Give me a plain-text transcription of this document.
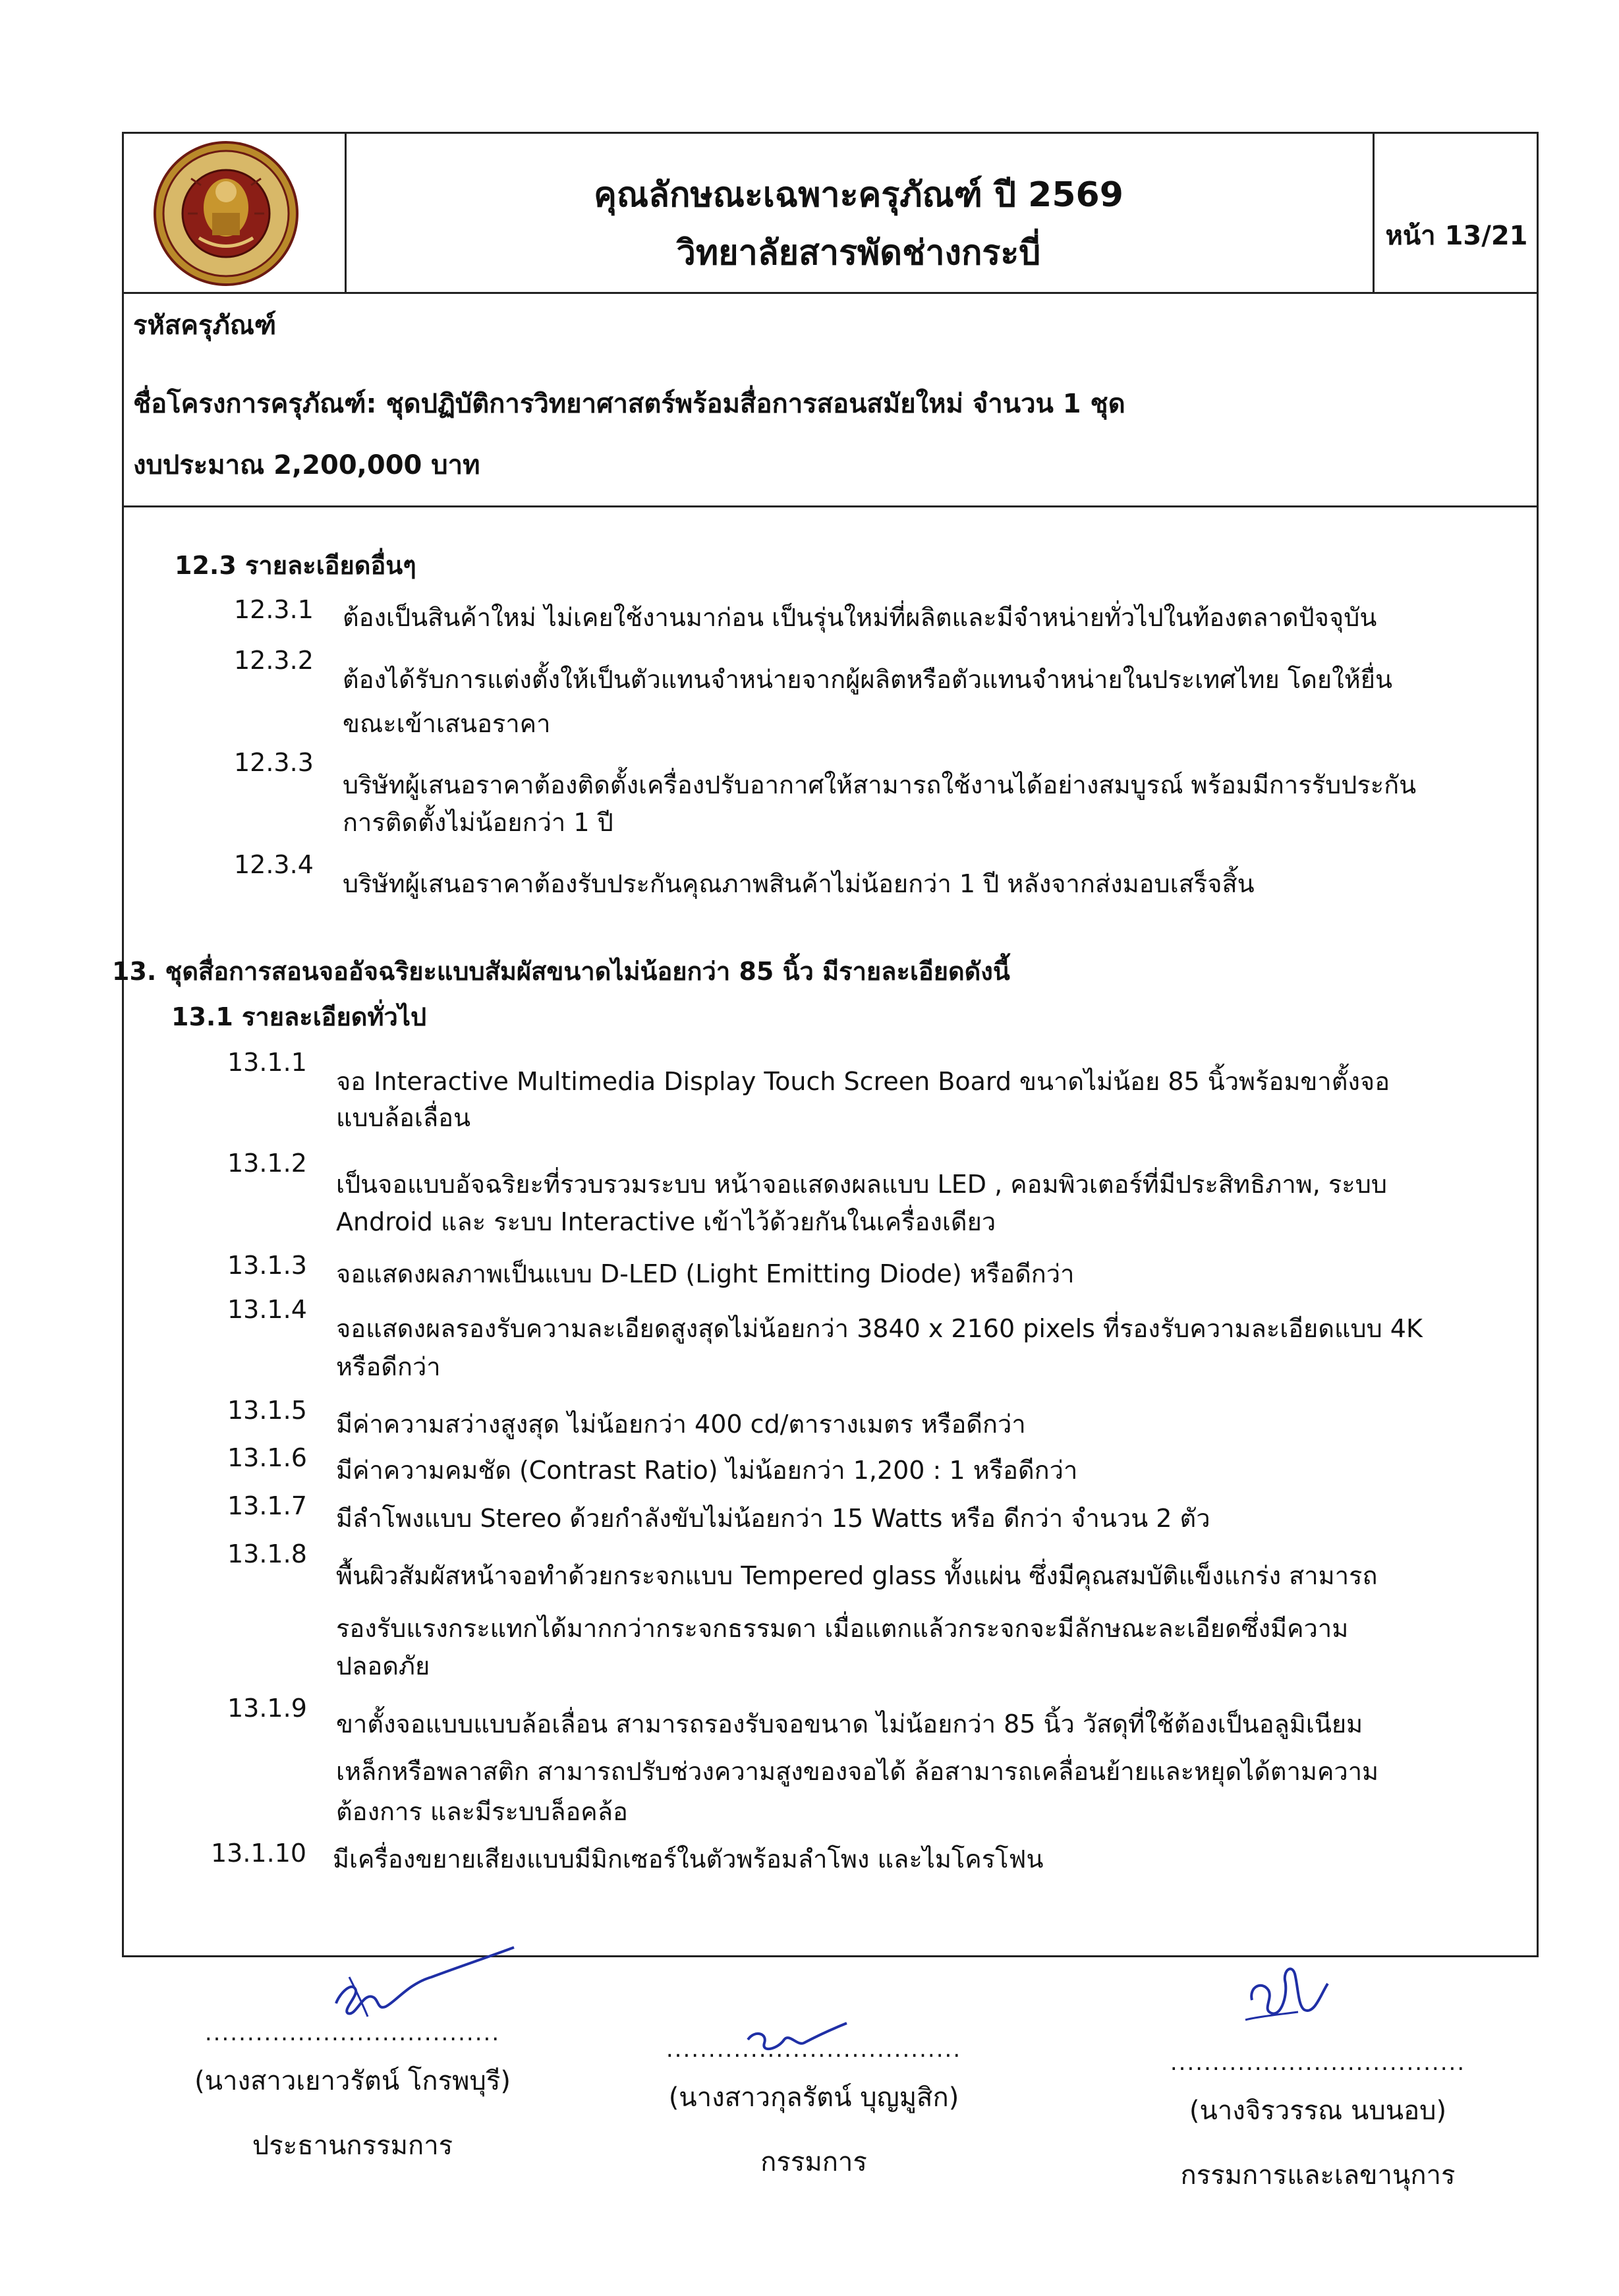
คุณลักษณะเฉพาะครุภัณฑ์ ปี 2569
วิทยาลัยสารพัดช่างกระบี่	หน้า 13/21
รหัสครุภัณฑ์
ชื่อโครงการครุภัณฑ์: ชุดปฏิบัติการวิทยาศาสตร์พร้อมสื่อการสอนสมัยใหม่ จำนวน 1 ชุด
งบประมาณ 2,200,000 บาท
12.3 รายละเอียดอื่นๆ
12.3.1 ต้องเป็นสินค้าใหม่ ไม่เคยใช้งานมาก่อน เป็นรุ่นใหม่ที่ผลิตและมีจำหน่ายทั่วไปในท้องตลาดปัจจุบัน
12.3.2
ต้องได้รับการแต่งตั้งให้เป็นตัวแทนจำหน่ายจากผู้ผลิตหรือตัวแทนจำหน่ายในประเทศไทย โดยให้ยื่น
ขณะเข้าเสนอราคา
12.3.3
บริษัทผู้เสนอราคาต้องติดตั้งเครื่องปรับอากาศให้สามารถใช้งานได้อย่างสมบูรณ์ พร้อมมีการรับประกัน
การติดตั้งไม่น้อยกว่า 1 ปี
12.3.4
บริษัทผู้เสนอราคาต้องรับประกันคุณภาพสินค้าไม่น้อยกว่า 1 ปี หลังจากส่งมอบเสร็จสิ้น
13. ชุดสื่อการสอนจออัจฉริยะแบบสัมผัสขนาดไม่น้อยกว่า 85 นิ้ว มีรายละเอียดดังนี้
13.1 รายละเอียดทั่วไป
13.1.1
จอ Interactive Multimedia Display Touch Screen Board ขนาดไม่น้อย 85 นิ้วพร้อมขาตั้งจอ
แบบล้อเลื่อน
13.1.2
เป็นจอแบบอัจฉริยะที่รวบรวมระบบ หน้าจอแสดงผลแบบ LED , คอมพิวเตอร์ที่มีประสิทธิภาพ, ระบบ
Android และ ระบบ Interactive เข้าไว้ด้วยกันในเครื่องเดียว
13.1.3 จอแสดงผลภาพเป็นแบบ D-LED (Light Emitting Diode) หรือดีกว่า
13.1.4
จอแสดงผลรองรับความละเอียดสูงสุดไม่น้อยกว่า 3840 x 2160 pixels ที่รองรับความละเอียดแบบ 4K
หรือดีกว่า
13.1.5 มีค่าความสว่างสูงสุด ไม่น้อยกว่า 400 cd/ตารางเมตร หรือดีกว่า
13.1.6 มีค่าความคมชัด (Contrast Ratio) ไม่น้อยกว่า 1,200 : 1 หรือดีกว่า
13.1.7 มีลำโพงแบบ Stereo ด้วยกำลังขับไม่น้อยกว่า 15 Watts หรือ ดีกว่า จำนวน 2 ตัว
13.1.8
พื้นผิวสัมผัสหน้าจอทำด้วยกระจกแบบ Tempered glass ทั้งแผ่น ซึ่งมีคุณสมบัติแข็งแกร่ง สามารถ
รองรับแรงกระแทกได้มากกว่ากระจกธรรมดา เมื่อแตกแล้วกระจกจะมีลักษณะละเอียดซึ่งมีความ
ปลอดภัย
13.1.9
ขาตั้งจอแบบแบบล้อเลื่อน สามารถรองรับจอขนาด ไม่น้อยกว่า 85 นิ้ว วัสดุที่ใช้ต้องเป็นอลูมิเนียม
เหล็กหรือพลาสติก สามารถปรับช่วงความสูงของจอได้ ล้อสามารถเคลื่อนย้ายและหยุดได้ตามความ
ต้องการ และมีระบบล็อคล้อ
13.1.10 มีเครื่องขยายเสียงแบบมีมิกเซอร์ในตัวพร้อมลำโพง และไมโครโฟน
...................................
(นางสาวเยาวรัตน์ โกรพบุรี)
ประธานกรรมการ
...................................
(นางสาวกุลรัตน์ บุญมูสิก)
กรรมการ
...................................
(นางจิรวรรณ นบนอบ)
กรรมการและเลขานุการ
